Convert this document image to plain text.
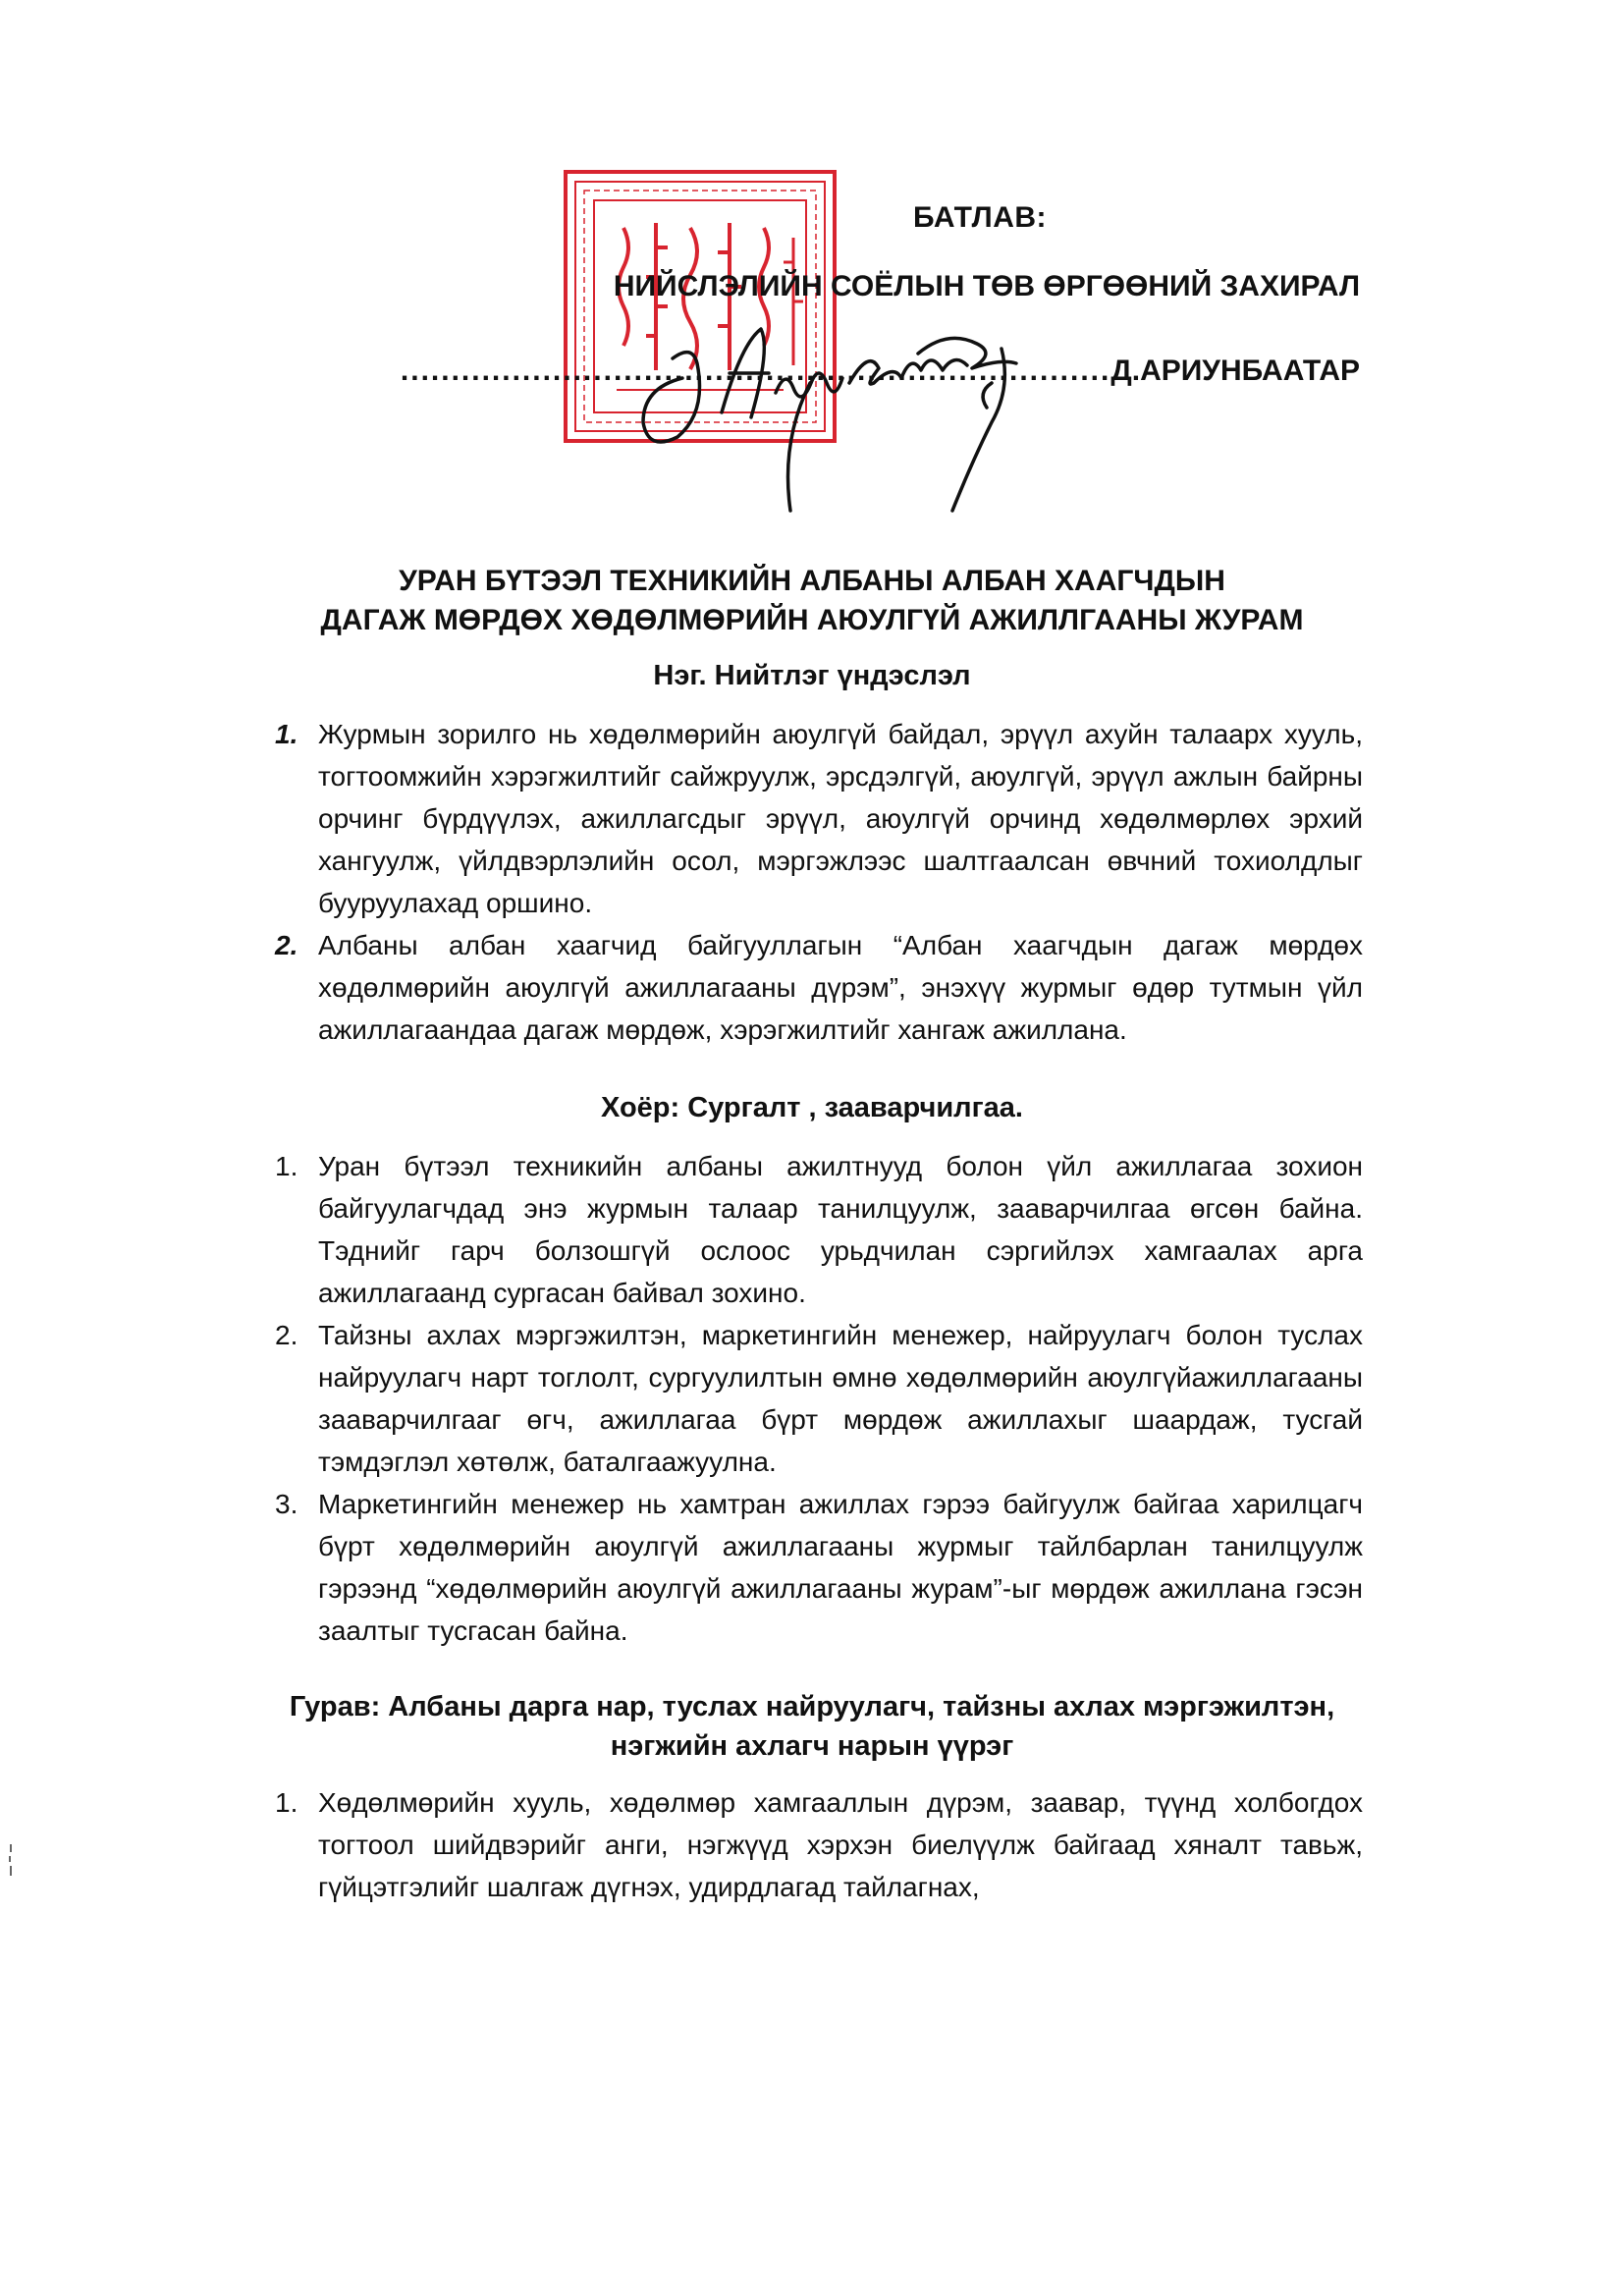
БАТЛАВ:
НИЙСЛЭЛИЙН СОЁЛЫН ТӨВ ӨРГӨӨНИЙ ЗАХИРАЛ
......................................................................Д.АРИУНБААТАР
УРАН БҮТЭЭЛ ТЕХНИКИЙН АЛБАНЫ АЛБАН ХААГЧДЫН
ДАГАЖ МӨРДӨХ ХӨДӨЛМӨРИЙН АЮУЛГҮЙ АЖИЛЛГААНЫ ЖУРАМ
Нэг. Нийтлэг үндэслэл
1. Журмын зорилго нь хөдөлмөрийн аюулгүй байдал, эрүүл ахуйн талаарх хууль, тогтоомжийн хэрэгжилтийг сайжруулж, эрсдэлгүй, аюулгүй, эрүүл ажлын байрны орчинг бүрдүүлэх, ажиллагсдыг эрүүл, аюулгүй орчинд хөдөлмөрлөх эрхий хангуулж, үйлдвэрлэлийн осол, мэргэжлээс шалтгаалсан өвчний тохиолдлыг бууруулахад оршино.
2. Албаны албан хаагчид байгууллагын “Албан хаагчдын дагаж мөрдөх хөдөлмөрийн аюулгүй ажиллагааны дүрэм”, энэхүү журмыг өдөр тутмын үйл ажиллагаандаа дагаж мөрдөж, хэрэгжилтийг хангаж ажиллана.
Хоёр: Сургалт , зааварчилгаа.
1. Уран бүтээл техникийн албаны ажилтнууд болон үйл ажиллагаа зохион байгуулагчдад энэ журмын талаар танилцуулж, зааварчилгаа өгсөн байна. Тэднийг гарч болзошгүй ослоос урьдчилан сэргийлэх хамгаалах арга ажиллагаанд сургасан байвал зохино.
2. Тайзны ахлах мэргэжилтэн, маркетингийн менежер, найруулагч болон туслах найруулагч нарт тоглолт, сургуулилтын өмнө хөдөлмөрийн аюулгүйажиллагааны зааварчилгааг өгч, ажиллагаа бүрт мөрдөж ажиллахыг шаардаж, тусгай тэмдэглэл хөтөлж, баталгаажуулна.
3. Маркетингийн менежер нь хамтран ажиллах гэрээ байгуулж байгаа харилцагч бүрт хөдөлмөрийн аюулгүй ажиллагааны журмыг тайлбарлан танилцуулж гэрээнд “хөдөлмөрийн аюулгүй ажиллагааны журам”-ыг мөрдөж ажиллана гэсэн заалтыг тусгасан байна.
Гурав: Албаны дарга нар, туслах найруулагч, тайзны ахлах мэргэжилтэн,
нэгжийн ахлагч нарын үүрэг
1. Хөдөлмөрийн хууль, хөдөлмөр хамгааллын дүрэм, заавар, түүнд холбогдох тогтоол шийдвэрийг анги, нэгжүүд хэрхэн биелүүлж байгаад хяналт тавьж, гүйцэтгэлийг шалгаж дүгнэх, удирдлагад тайлагнах,
